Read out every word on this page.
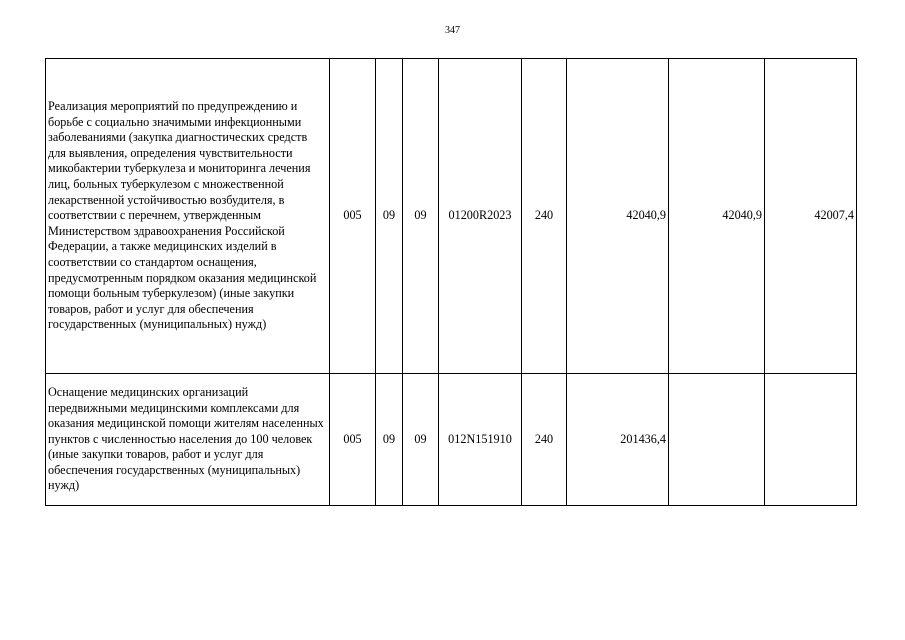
347
Реализация мероприятий по предупреждению и борьбе с социально значимыми инфекционными заболеваниями (закупка диагностических средств для выявления, определения чувствительности микобактерии туберкулеза и мониторинга лечения лиц, больных туберкулезом с множественной лекарственной устойчивостью возбудителя, в соответствии с перечнем, утвержденным Министерством здравоохранения Российской Федерации, а также медицинских изделий в соответствии со стандартом оснащения, предусмотренным порядком оказания медицинской помощи больным туберкулезом) (иные закупки товаров, работ и услуг для обеспечения государственных (муниципальных) нужд)	005	09	09	01200R2023	240	42040,9	42040,9	42007,4
Оснащение медицинских организаций передвижными медицинскими комплексами для оказания медицинской помощи жителям населенных пунктов с численностью населения до 100 человек (иные закупки товаров, работ и услуг для обеспечения государственных (муниципальных) нужд)	005	09	09	012N151910	240	201436,4		
